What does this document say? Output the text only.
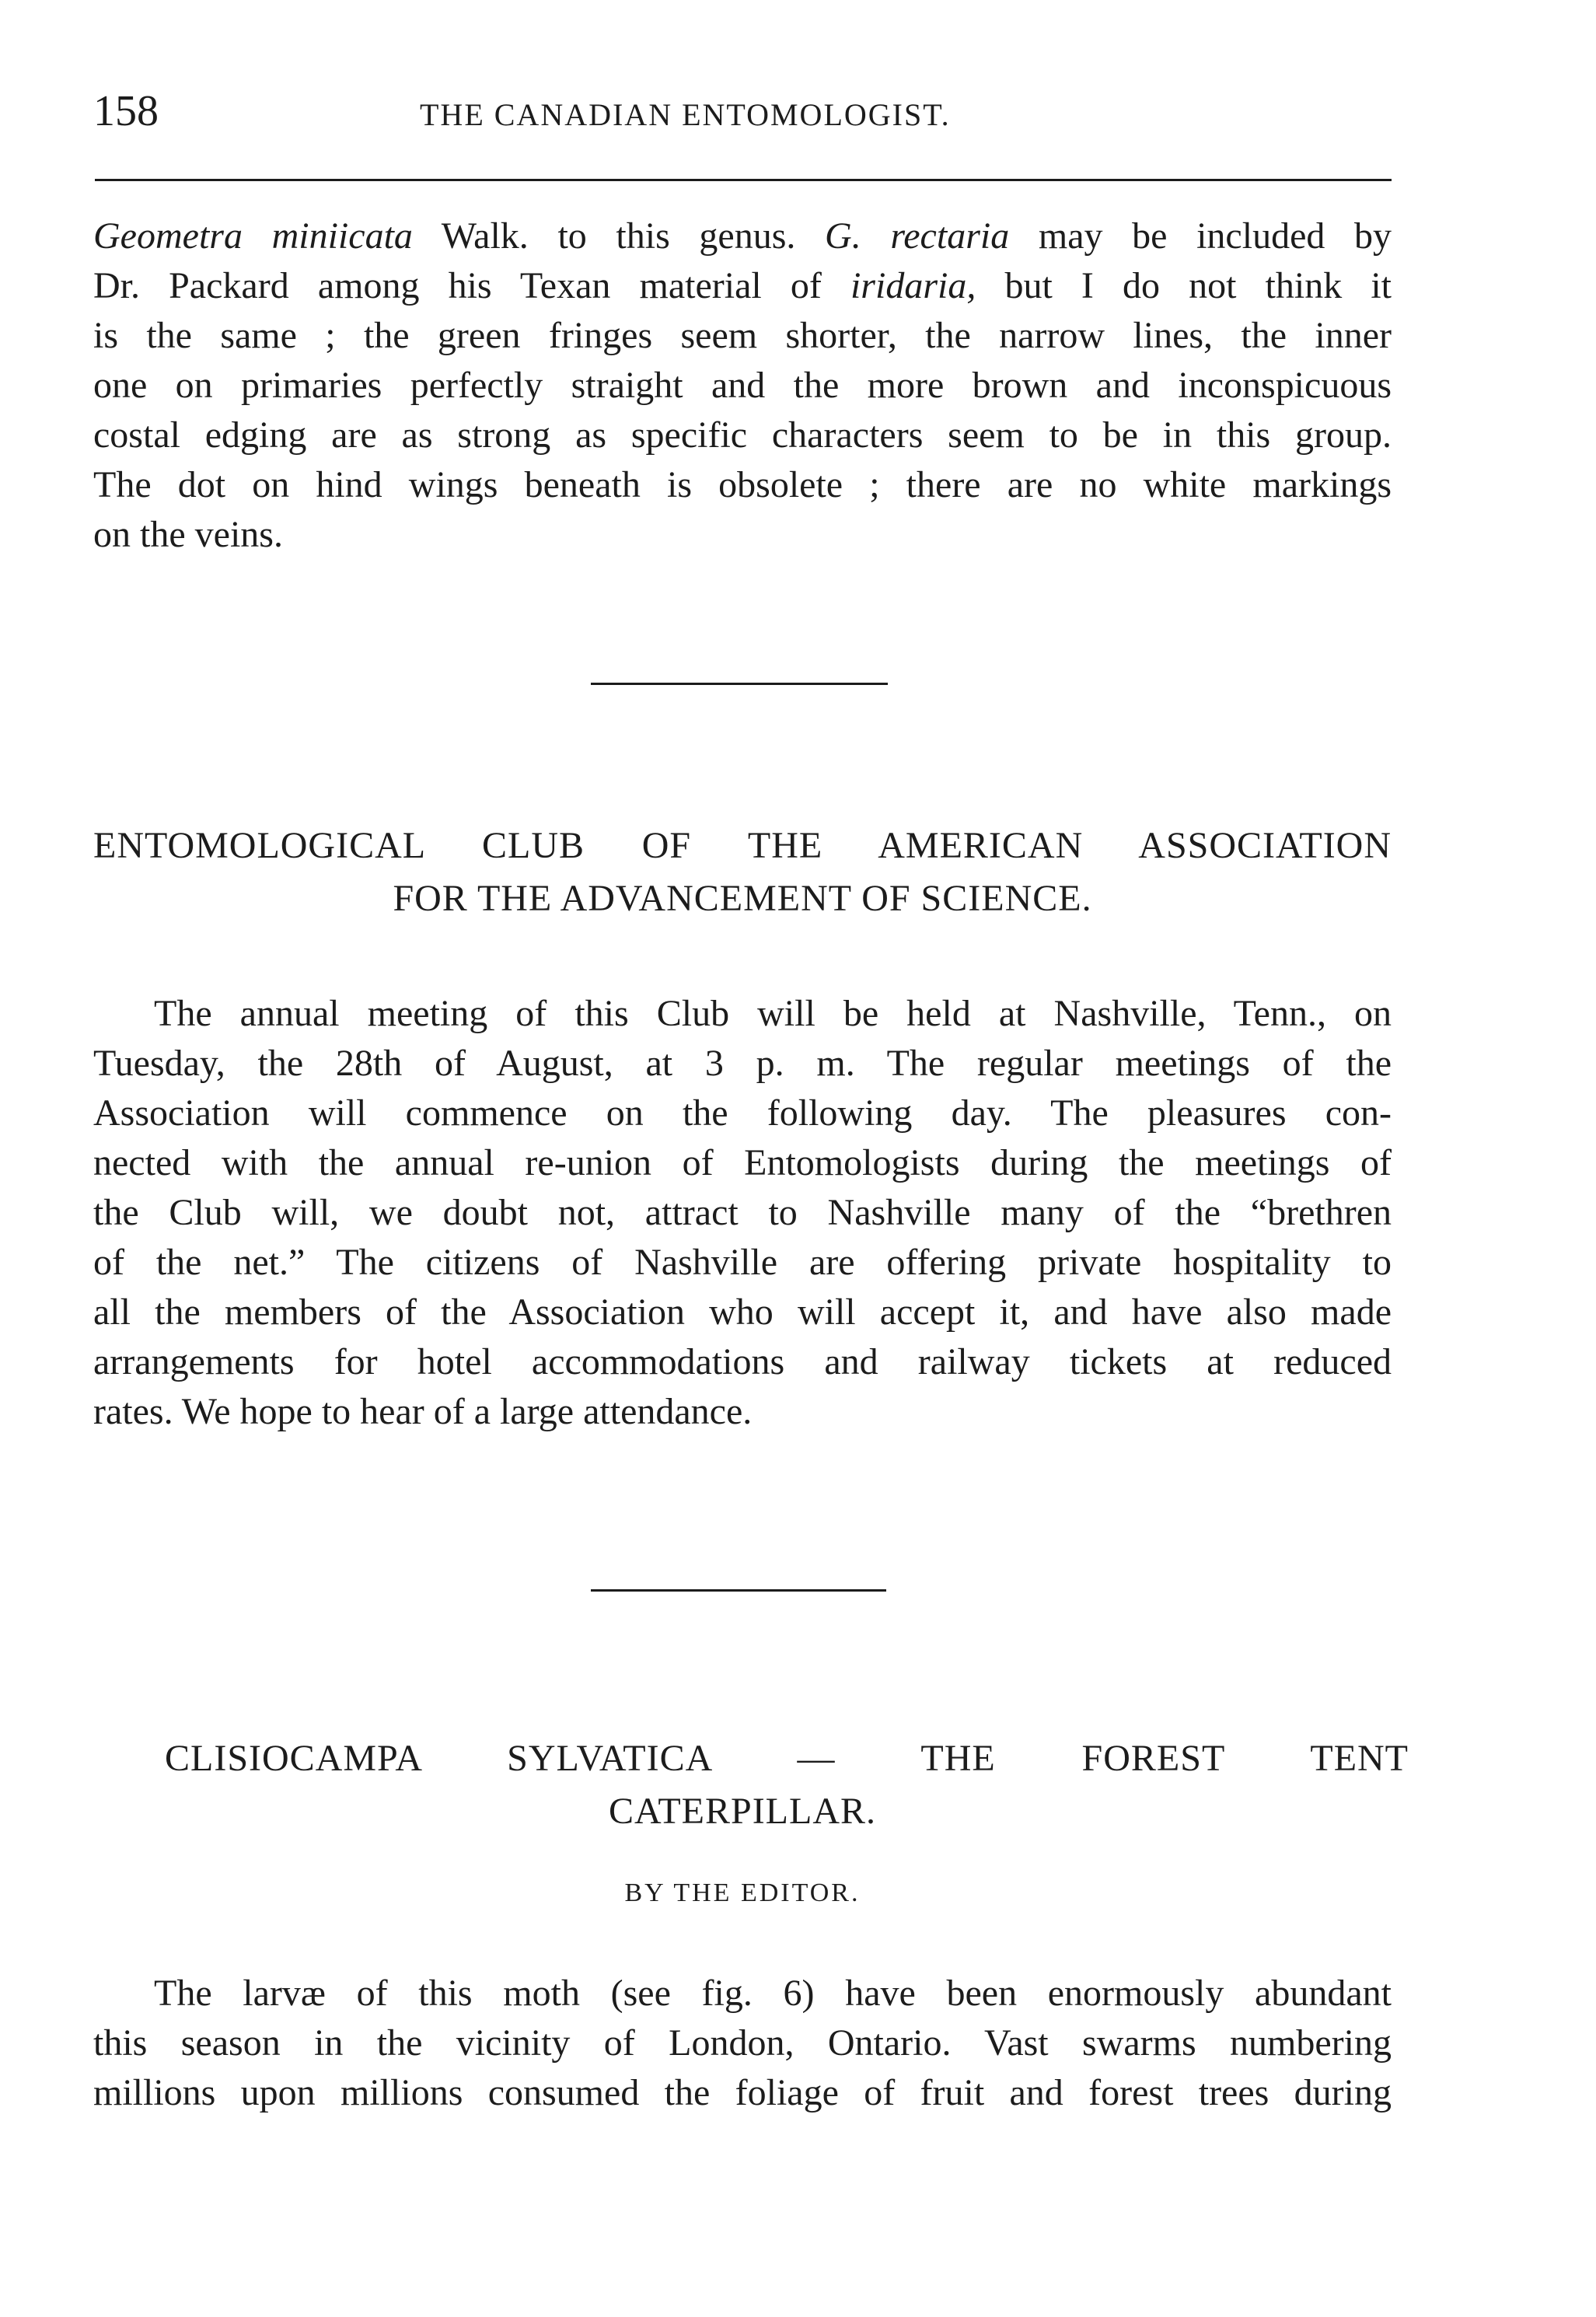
158	THE CANADIAN ENTOMOLOGIST.
Geometra miniicata Walk. to this genus. G. rectaria may be included by
Dr. Packard among his Texan material of iridaria, but I do not think it
is the same ; the green fringes seem shorter, the narrow lines, the inner
one on primaries perfectly straight and the more brown and inconspicuous
costal edging are as strong as specific characters seem to be in this group.
The dot on hind wings beneath is obsolete ; there are no white markings
on the veins.
ENTOMOLOGICAL CLUB OF THE AMERICAN ASSOCIATION
FOR THE ADVANCEMENT OF SCIENCE.
The annual meeting of this Club will be held at Nashville, Tenn., on
Tuesday, the 28th of August, at 3 p. m. The regular meetings of the
Association will commence on the following day. The pleasures con-
nected with the annual re-union of Entomologists during the meetings of
the Club will, we doubt not, attract to Nashville many of the “brethren
of the net.” The citizens of Nashville are offering private hospitality to
all the members of the Association who will accept it, and have also made
arrangements for hotel accommodations and railway tickets at reduced
rates. We hope to hear of a large attendance.
CLISIOCAMPA SYLVATICA — THE FOREST TENT
CATERPILLAR.
BY THE EDITOR.
The larvæ of this moth (see fig. 6) have been enormously abundant
this season in the vicinity of London, Ontario. Vast swarms numbering
millions upon millions consumed the foliage of fruit and forest trees during
